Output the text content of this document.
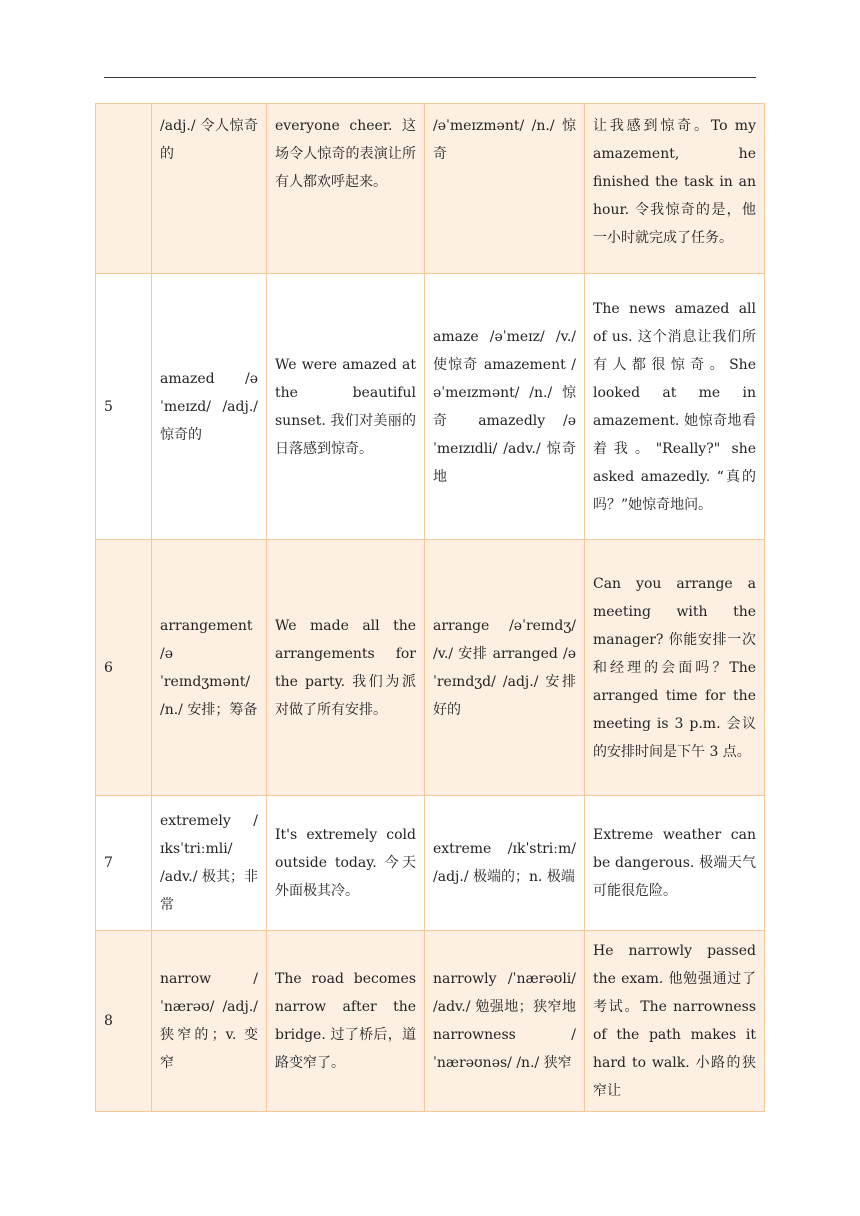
	/adj./ 令人惊奇的	everyone cheer. 这场令人惊奇的表演让所有人都欢呼起来。	/əˈmeɪzmənt/ /n./ 惊奇	让我感到惊奇。To my amazement, he finished the task in an hour. 令我惊奇的是，他一小时就完成了任务。
5	amazed /əˈmeɪzd/ /adj./ 惊奇的	We were amazed at the beautiful sunset. 我们对美丽的日落感到惊奇。	amaze /əˈmeɪz/ /v./ 使惊奇 amazement /əˈmeɪzmənt/ /n./ 惊 奇 amazedly /əˈmeɪzɪdli/ /adv./ 惊奇地	The news amazed all of us. 这个消息让我们所有人都很惊奇。She looked at me in amazement. 她惊奇地看着我。"Really?" she asked amazedly. “真的吗？”她惊奇地问。
6	arrangement /əˈreɪndʒmənt/ /n./ 安排；筹备	We made all the arrangements for the party. 我们为派对做了所有安排。	arrange /əˈreɪndʒ/ /v./ 安排 arranged /əˈreɪndʒd/ /adj./ 安排好的	Can you arrange a meeting with the manager? 你能安排一次和经理的会面吗？The arranged time for the meeting is 3 p.m. 会议的安排时间是下午 3 点。
7	extremely /ɪksˈtriːmli/ /adv./ 极其；非常	It's extremely cold outside today. 今天外面极其冷。	extreme /ɪkˈstriːm/ /adj./ 极端的；n. 极端	Extreme weather can be dangerous. 极端天气可能很危险。
8	narrow /ˈnærəʊ/ /adj./ 狭窄的；v. 变窄	The road becomes narrow after the bridge. 过了桥后，道路变窄了。	narrowly /ˈnærəʊli/ /adv./ 勉强地；狭窄地 narrowness /ˈnærəʊnəs/ /n./ 狭窄	He narrowly passed the exam. 他勉强通过了考试。The narrowness of the path makes it hard to walk. 小路的狭窄让
